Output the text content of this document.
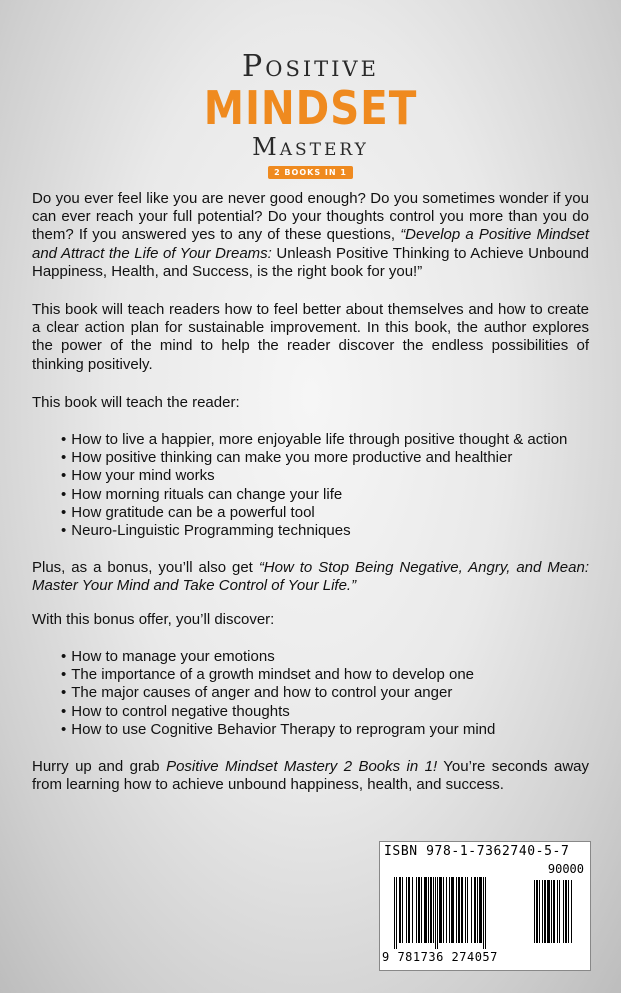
Positive
MINDSET
Mastery
2 BOOKS IN 1

Do you ever feel like you are never good enough? Do you sometimes wonder if you can ever reach your full potential? Do your thoughts control you more than you do them? If you answered yes to any of these questions, “Develop a Positive Mindset and Attract the Life of Your Dreams: Unleash Positive Thinking to Achieve Unbound Happiness, Health, and Success, is the right book for you!”

This book will teach readers how to feel better about themselves and how to create a clear action plan for sustainable improvement. In this book, the author explores the power of the mind to help the reader discover the endless possibilities of thinking positively.

This book will teach the reader:

• How to live a happier, more enjoyable life through positive thought & action
• How positive thinking can make you more productive and healthier
• How your mind works
• How morning rituals can change your life
• How gratitude can be a powerful tool
• Neuro-Linguistic Programming techniques

Plus, as a bonus, you’ll also get “How to Stop Being Negative, Angry, and Mean: Master Your Mind and Take Control of Your Life.”

With this bonus offer, you’ll discover:

• How to manage your emotions
• The importance of a growth mindset and how to develop one
• The major causes of anger and how to control your anger
• How to control negative thoughts
• How to use Cognitive Behavior Therapy to reprogram your mind

Hurry up and grab Positive Mindset Mastery 2 Books in 1! You’re seconds away from learning how to achieve unbound happiness, health, and success.

ISBN 978-1-7362740-5-7
90000
9 781736 274057
